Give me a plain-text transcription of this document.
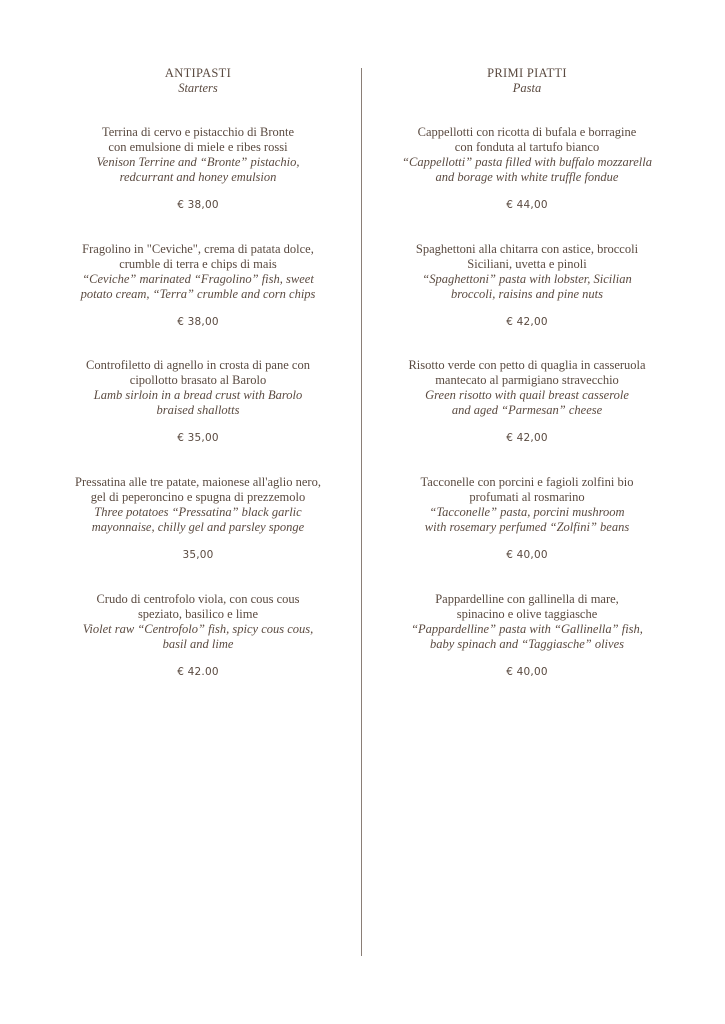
ANTIPASTI
Starters
Terrina di cervo e pistacchio di Bronte
con emulsione di miele e ribes rossi
Venison Terrine and “Bronte” pistachio,
redcurrant and honey emulsion
€ 38,00
Fragolino in "Ceviche", crema di patata dolce,
crumble di terra e chips di mais
“Ceviche” marinated “Fragolino” fish, sweet
potato cream, “Terra” crumble and corn chips
€ 38,00
Controfiletto di agnello in crosta di pane con
cipollotto brasato al Barolo
Lamb sirloin in a bread crust with Barolo
braised shallotts
€ 35,00
Pressatina alle tre patate, maionese all'aglio nero,
gel di peperoncino e spugna di prezzemolo
Three potatoes “Pressatina” black garlic
mayonnaise, chilly gel and parsley sponge
35,00
Crudo di centrofolo viola, con cous cous
speziato, basilico e lime
Violet raw “Centrofolo” fish, spicy cous cous,
basil and lime
€ 42.00
PRIMI PIATTI
Pasta
Cappellotti con ricotta di bufala e borragine
con fonduta al tartufo bianco
“Cappellotti” pasta filled with buffalo mozzarella
and borage with white truffle fondue
€ 44,00
Spaghettoni alla chitarra con astice, broccoli
Siciliani, uvetta e pinoli
“Spaghettoni” pasta with lobster, Sicilian
broccoli, raisins and pine nuts
€ 42,00
Risotto verde con petto di quaglia in casseruola
mantecato al parmigiano stravecchio
Green risotto with quail breast casserole
and aged “Parmesan” cheese
€ 42,00
Tacconelle con porcini e fagioli zolfini bio
profumati al rosmarino
“Tacconelle” pasta, porcini mushroom
with rosemary perfumed “Zolfini” beans
€ 40,00
Pappardelline con gallinella di mare,
spinacino e olive taggiasche
“Pappardelline” pasta with “Gallinella” fish,
baby spinach and “Taggiasche” olives
€ 40,00
